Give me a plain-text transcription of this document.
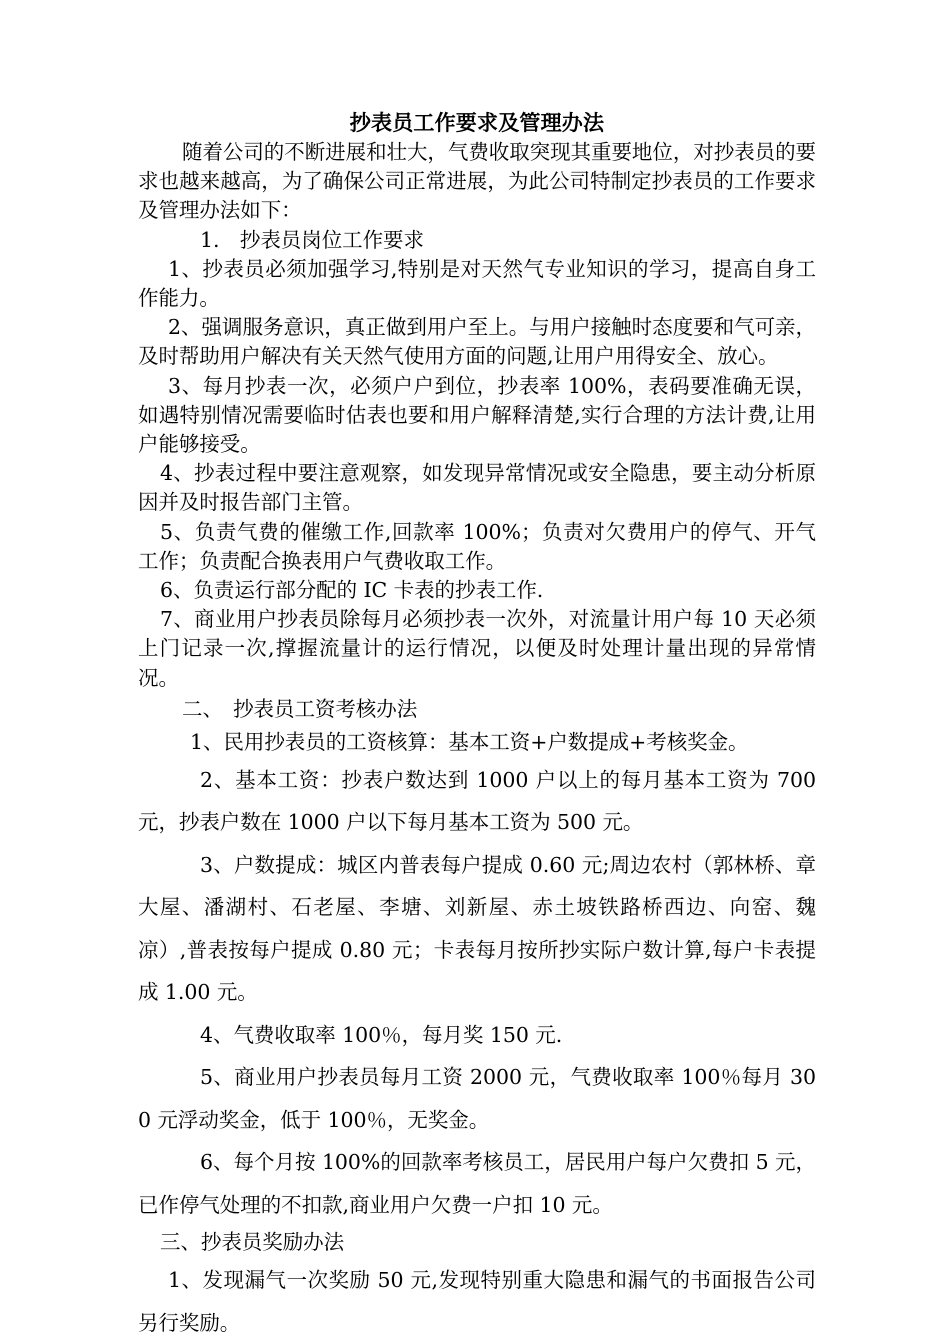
抄表员工作要求及管理办法

随着公司的不断进展和壮大，气费收取突现其重要地位，对抄表员的要求也越来越高，为了确保公司正常进展，为此公司特制定抄表员的工作要求及管理办法如下：

1.　抄表员岗位工作要求

1、抄表员必须加强学习,特别是对天然气专业知识的学习，提高自身工作能力。

2、强调服务意识，真正做到用户至上。与用户接触时态度要和气可亲，及时帮助用户解决有关天然气使用方面的问题,让用户用得安全、放心。

3、每月抄表一次，必须户户到位，抄表率 100%，表码要准确无误，如遇特别情况需要临时估表也要和用户解释清楚,实行合理的方法计费,让用户能够接受。

4、抄表过程中要注意观察，如发现异常情况或安全隐患，要主动分析原因并及时报告部门主管。

5、负责气费的催缴工作,回款率 100%；负责对欠费用户的停气、开气工作；负责配合换表用户气费收取工作。

6、负责运行部分配的 IC 卡表的抄表工作.

7、商业用户抄表员除每月必须抄表一次外，对流量计用户每 10 天必须上门记录一次,撑握流量计的运行情况，以便及时处理计量出现的异常情况。

二、　抄表员工资考核办法

1、民用抄表员的工资核算：基本工资+户数提成+考核奖金。

2、基本工资：抄表户数达到 1000 户以上的每月基本工资为 700 元，抄表户数在 1000 户以下每月基本工资为 500 元。

3、户数提成：城区内普表每户提成 0.60 元;周边农村（郭林桥、章大屋、潘湖村、石老屋、李塘、刘新屋、赤土坡铁路桥西边、向窑、魏凉）,普表按每户提成 0.80 元；卡表每月按所抄实际户数计算,每户卡表提成 1.00 元。

4、气费收取率 100％，每月奖 150 元.

5、商业用户抄表员每月工资 2000 元，气费收取率 100％每月 300 元浮动奖金，低于 100％，无奖金。

6、每个月按 100%的回款率考核员工，居民用户每户欠费扣 5 元，已作停气处理的不扣款,商业用户欠费一户扣 10 元。

三、抄表员奖励办法

1、发现漏气一次奖励 50 元,发现特别重大隐患和漏气的书面报告公司另行奖励。
